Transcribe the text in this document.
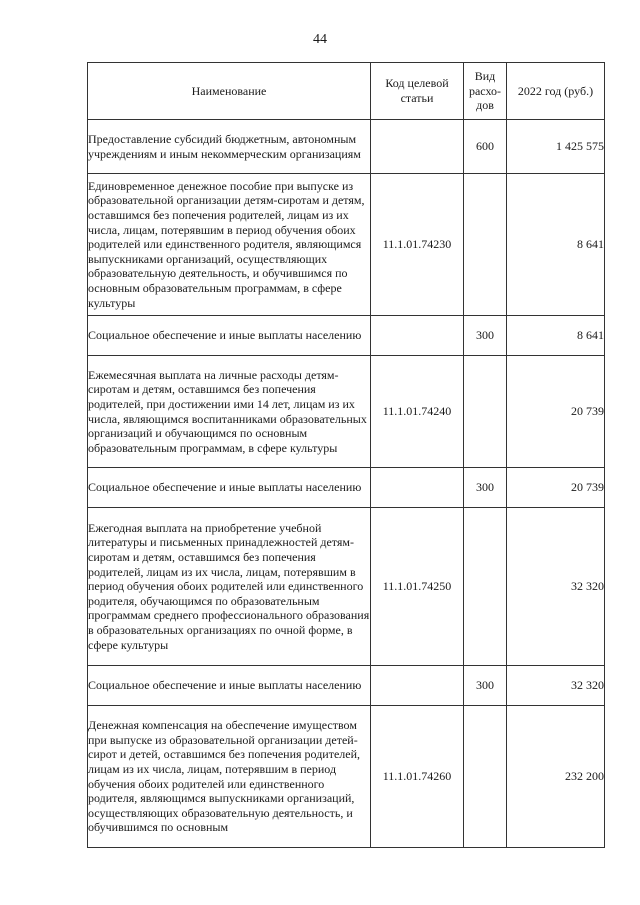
44
Наименование	Код целевой статьи	Вид расхо-дов	2022 год (руб.)
Предоставление субсидий бюджетным, автономным учреждениям и иным некоммерческим организациям		600	1 425 575
Единовременное денежное пособие при выпуске из образовательной организации детям-сиротам и детям, оставшимся без попечения родителей, лицам из их числа, лицам, потерявшим в период обучения обоих родителей или единственного родителя, являющимся выпускниками организаций, осуществляющих образовательную деятельность, и обучившимся по основным образовательным программам, в сфере культуры	11.1.01.74230		8 641
Социальное обеспечение и иные выплаты населению		300	8 641
Ежемесячная выплата на личные расходы детям-сиротам и детям, оставшимся без попечения родителей, при достижении ими 14 лет, лицам из их числа, являющимся воспитанниками образовательных организаций и обучающимся по основным образовательным программам, в сфере культуры	11.1.01.74240		20 739
Социальное обеспечение и иные выплаты населению		300	20 739
Ежегодная выплата на приобретение учебной литературы и письменных принадлежностей детям-сиротам и детям, оставшимся без попечения родителей, лицам из их числа, лицам, потерявшим в период обучения обоих родителей или единственного родителя, обучающимся по образовательным программам среднего профессионального образования в образовательных организациях по очной форме, в сфере культуры	11.1.01.74250		32 320
Социальное обеспечение и иные выплаты населению		300	32 320
Денежная компенсация на обеспечение имуществом при выпуске из образовательной организации детей-сирот и детей, оставшимся без попечения родителей, лицам из их числа, лицам, потерявшим в период обучения обоих родителей или единственного родителя, являющимся выпускниками организаций, осуществляющих образовательную деятельность, и обучившимся по основным	11.1.01.74260		232 200
